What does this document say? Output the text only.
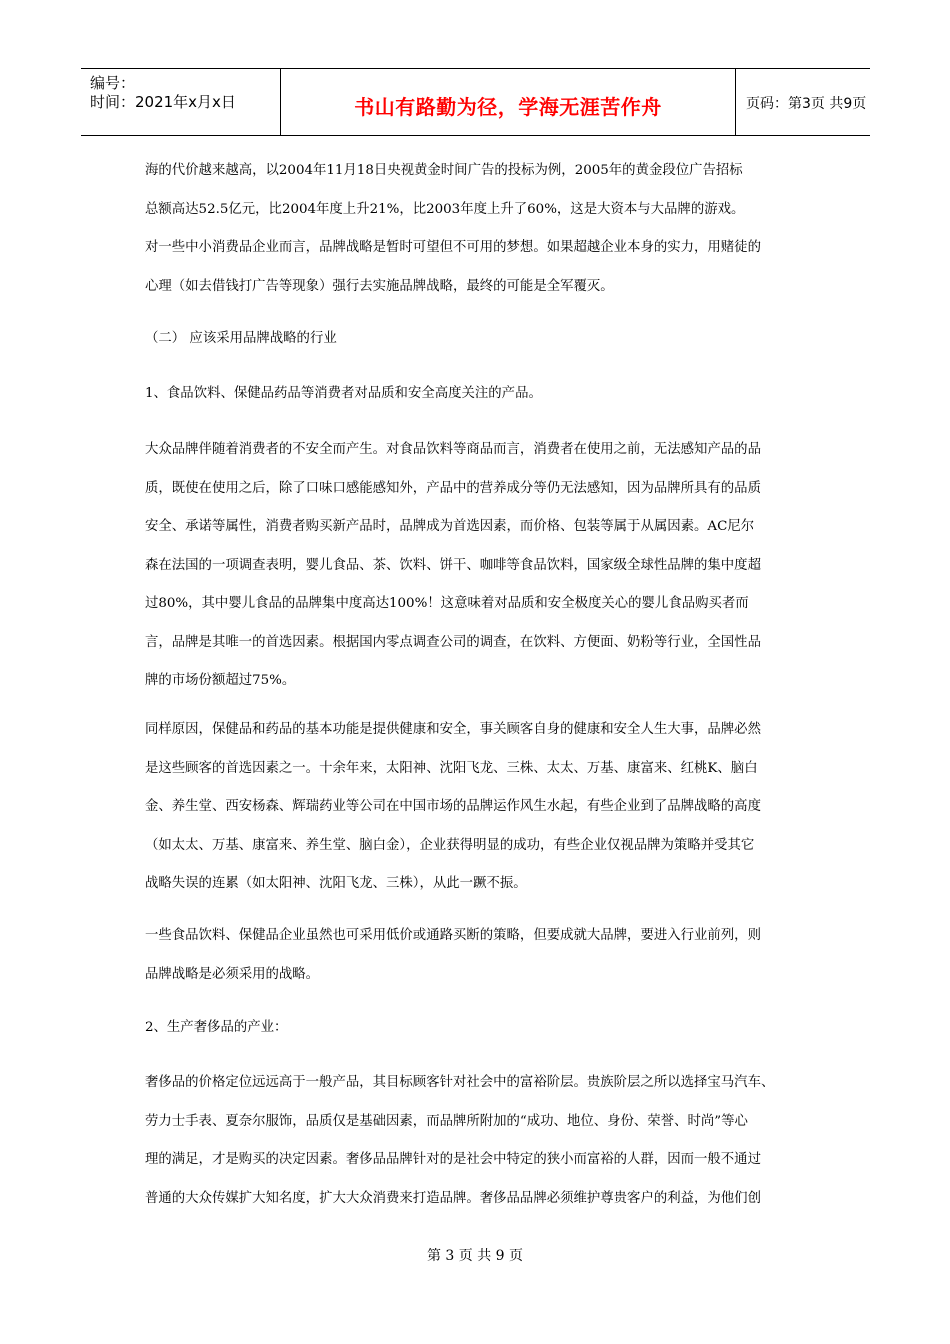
编号：
时间：2021年x月x日	书山有路勤为径，学海无涯苦作舟	页码：第3页 共9页
海的代价越来越高，以2004年11月18日央视黄金时间广告的投标为例，2005年的黄金段位广告招标
总额高达52.5亿元，比2004年度上升21%，比2003年度上升了60%，这是大资本与大品牌的游戏。
对一些中小消费品企业而言，品牌战略是暂时可望但不可用的梦想。如果超越企业本身的实力，用赌徒的
心理（如去借钱打广告等现象）强行去实施品牌战略，最终的可能是全军覆灭。
（二） 应该采用品牌战略的行业
1、食品饮料、保健品药品等消费者对品质和安全高度关注的产品。
大众品牌伴随着消费者的不安全而产生。对食品饮料等商品而言，消费者在使用之前，无法感知产品的品
质，既使在使用之后，除了口味口感能感知外，产品中的营养成分等仍无法感知，因为品牌所具有的品质
安全、承诺等属性，消费者购买新产品时，品牌成为首选因素，而价格、包装等属于从属因素。AC尼尔
森在法国的一项调查表明，婴儿食品、茶、饮料、饼干、咖啡等食品饮料，国家级全球性品牌的集中度超
过80%，其中婴儿食品的品牌集中度高达100%！这意味着对品质和安全极度关心的婴儿食品购买者而
言，品牌是其唯一的首选因素。根据国内零点调查公司的调查，在饮料、方便面、奶粉等行业，全国性品
牌的市场份额超过75%。
同样原因，保健品和药品的基本功能是提供健康和安全，事关顾客自身的健康和安全人生大事，品牌必然
是这些顾客的首选因素之一。十余年来，太阳神、沈阳飞龙、三株、太太、万基、康富来、红桃K、脑白
金、养生堂、西安杨森、辉瑞药业等公司在中国市场的品牌运作风生水起，有些企业到了品牌战略的高度
（如太太、万基、康富来、养生堂、脑白金），企业获得明显的成功，有些企业仅视品牌为策略并受其它
战略失误的连累（如太阳神、沈阳飞龙、三株），从此一蹶不振。
一些食品饮料、保健品企业虽然也可采用低价或通路买断的策略，但要成就大品牌，要进入行业前列，则
品牌战略是必须采用的战略。
2、生产奢侈品的产业：
奢侈品的价格定位远远高于一般产品，其目标顾客针对社会中的富裕阶层。贵族阶层之所以选择宝马汽车、
劳力士手表、夏奈尔服饰，品质仅是基础因素，而品牌所附加的“成功、地位、身份、荣誉、时尚”等心
理的满足，才是购买的决定因素。奢侈品品牌针对的是社会中特定的狭小而富裕的人群，因而一般不通过
普通的大众传媒扩大知名度，扩大大众消费来打造品牌。奢侈品品牌必须维护尊贵客户的利益，为他们创
第 3 页 共 9 页
